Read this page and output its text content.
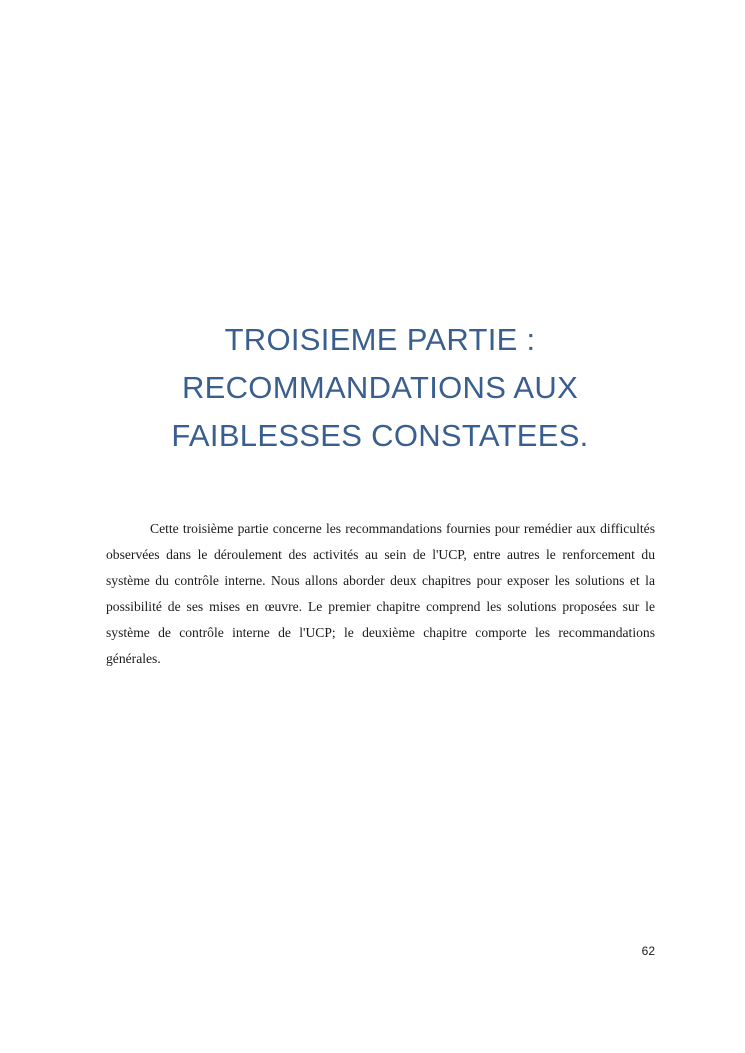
TROISIEME PARTIE :
RECOMMANDATIONS AUX
FAIBLESSES CONSTATEES.

Cette troisième partie concerne les recommandations fournies pour remédier aux difficultés observées dans le déroulement des activités au sein de l'UCP, entre autres le renforcement du système du contrôle interne. Nous allons aborder deux chapitres pour exposer les solutions et la possibilité de ses mises en œuvre. Le premier chapitre comprend les solutions proposées sur le système de contrôle interne de l'UCP; le deuxième chapitre comporte les recommandations générales.

62
